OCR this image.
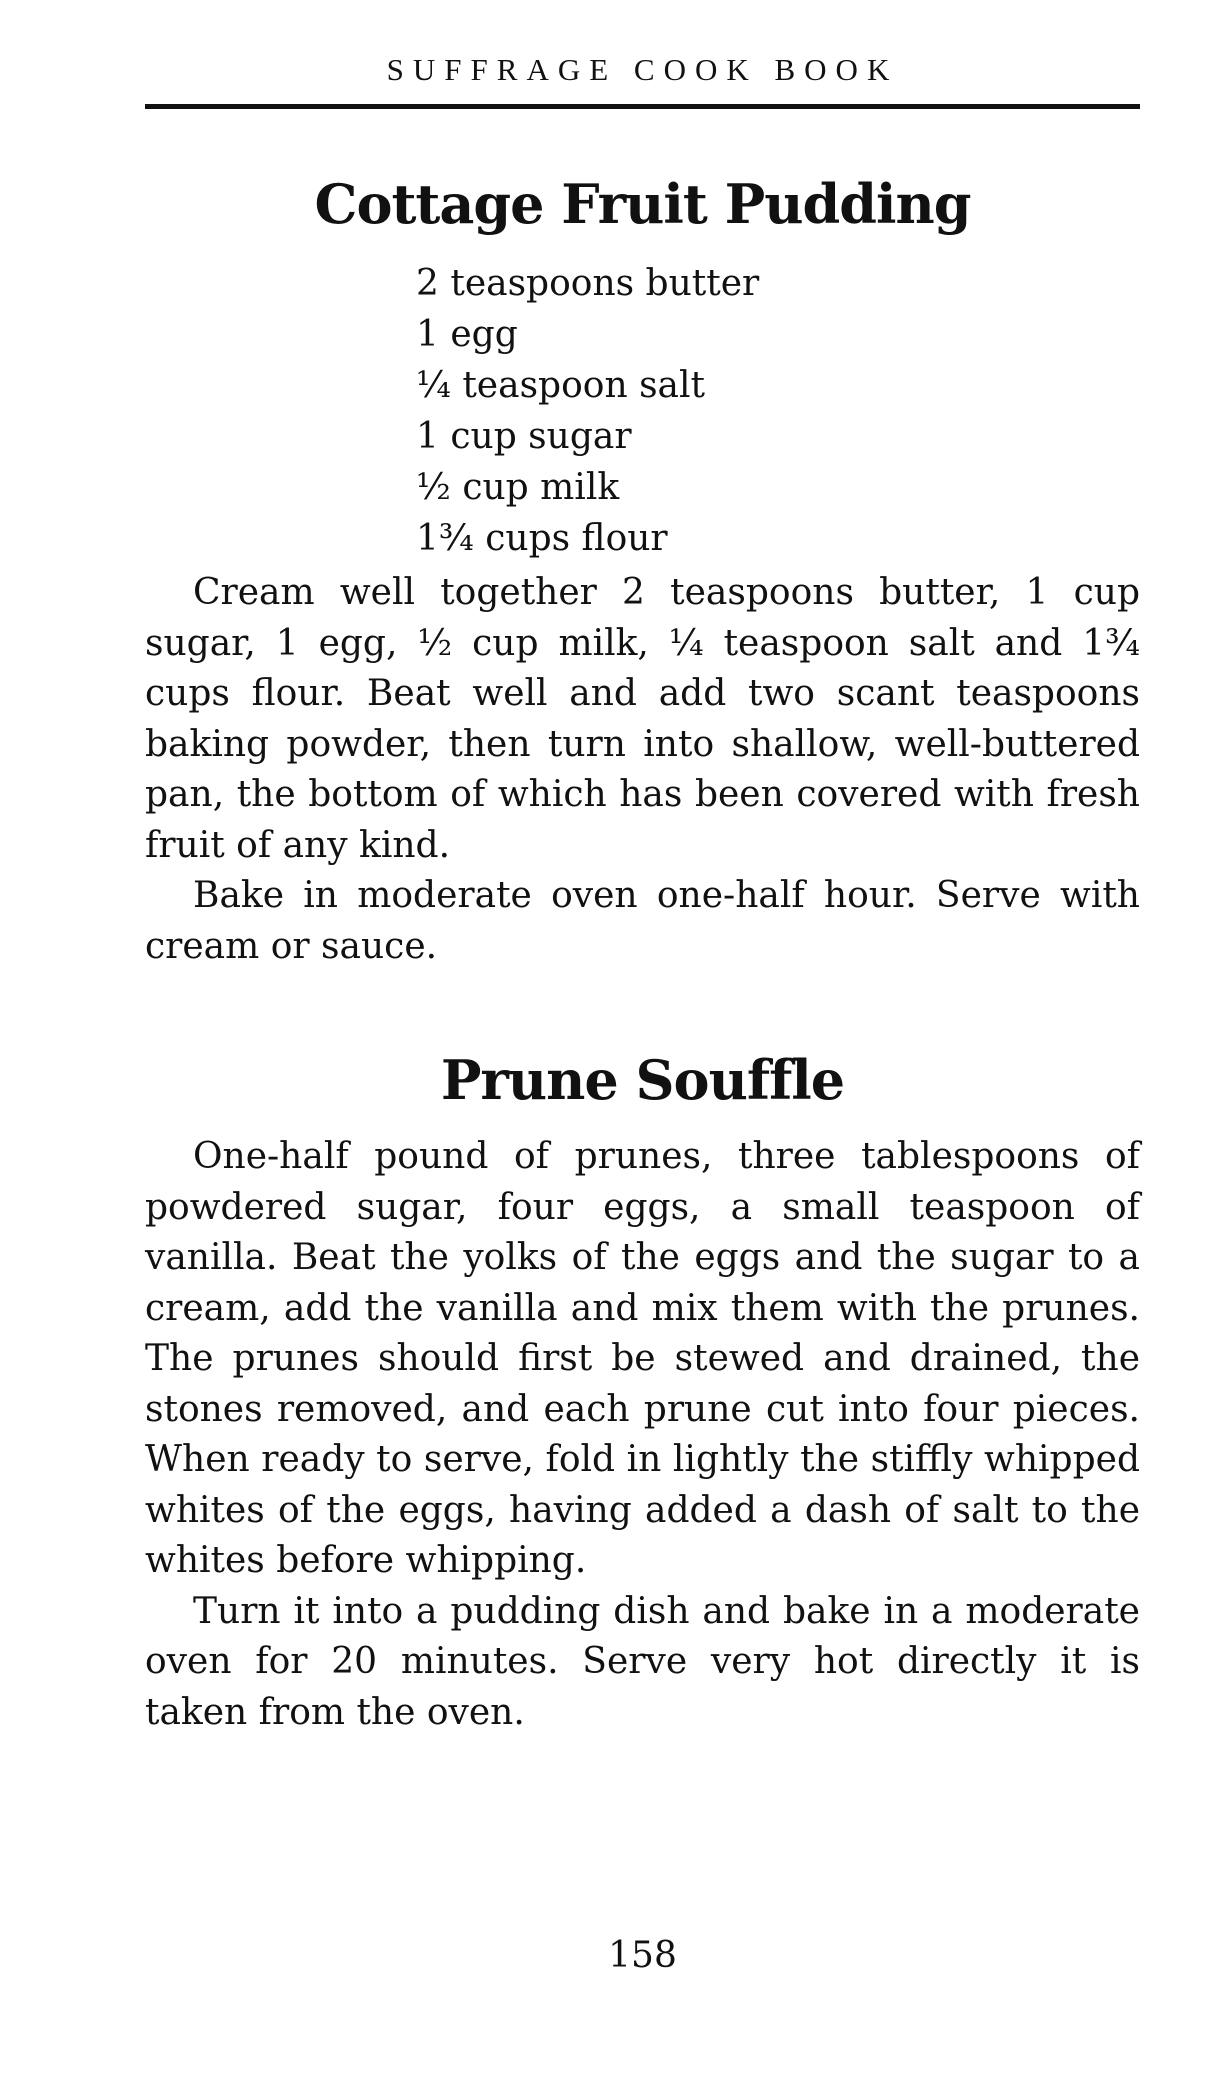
SUFFRAGE COOK BOOK
Cottage Fruit Pudding
2 teaspoons butter
1 egg
¼ teaspoon salt
1 cup sugar
½ cup milk
1¾ cups flour

Cream well together 2 teaspoons butter, 1 cup sugar, 1 egg, ½ cup milk, ¼ teaspoon salt and 1¾ cups flour. Beat well and add two scant teaspoons baking powder, then turn into shallow, well-buttered pan, the bottom of which has been covered with fresh fruit of any kind.

Bake in moderate oven one-half hour. Serve with cream or sauce.

Prune Souffle

One-half pound of prunes, three tablespoons of powdered sugar, four eggs, a small teaspoon of vanilla. Beat the yolks of the eggs and the sugar to a cream, add the vanilla and mix them with the prunes. The prunes should first be stewed and drained, the stones removed, and each prune cut into four pieces. When ready to serve, fold in lightly the stiffly whipped whites of the eggs, having added a dash of salt to the whites before whipping.

Turn it into a pudding dish and bake in a moderate oven for 20 minutes. Serve very hot directly it is taken from the oven.

158
